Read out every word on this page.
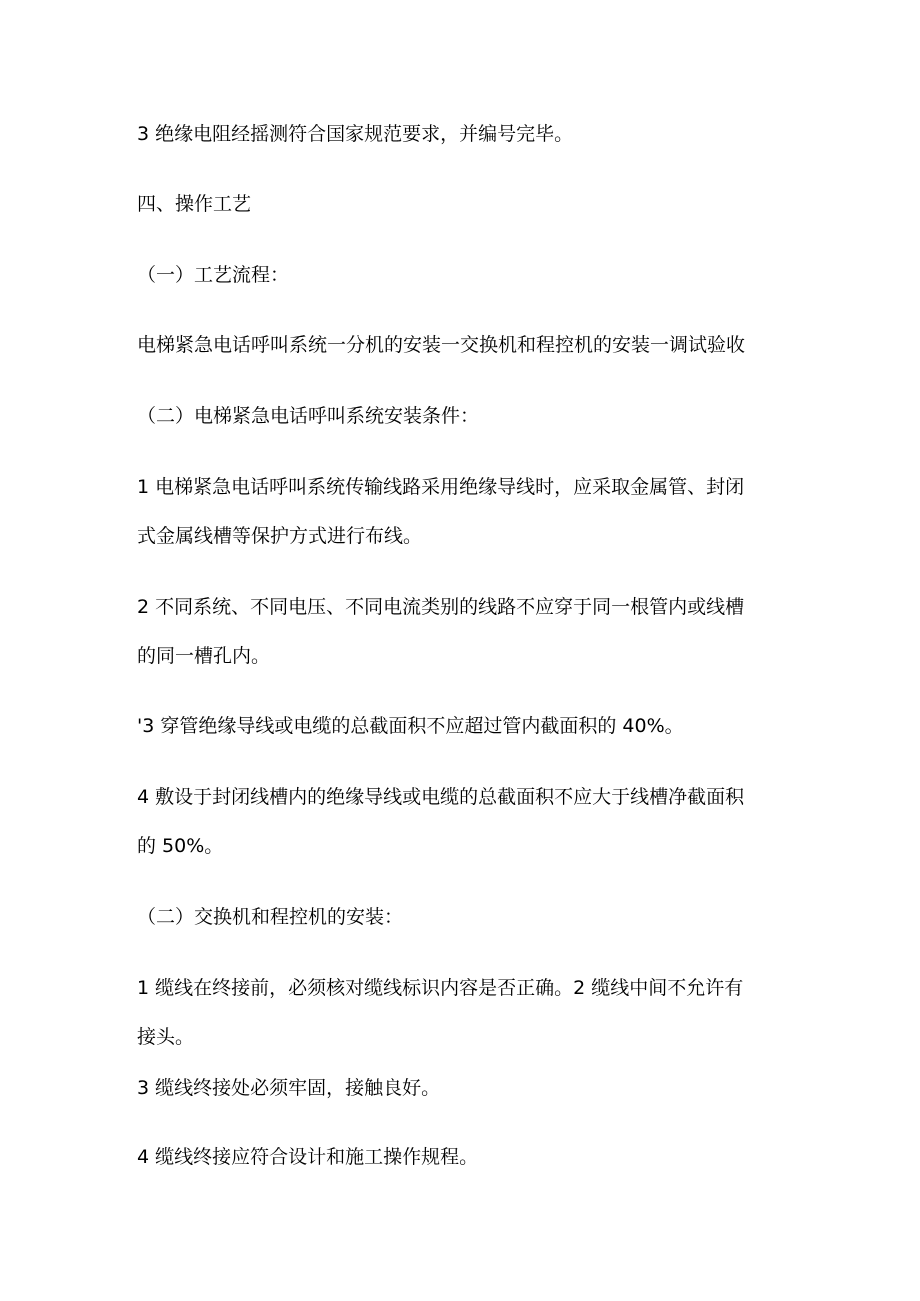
3 绝缘电阻经摇测符合国家规范要求，并编号完毕。
四、操作工艺
（一）工艺流程：
电梯紧急电话呼叫系统一分机的安装一交换机和程控机的安装一调试验收
（二）电梯紧急电话呼叫系统安装条件：
1 电梯紧急电话呼叫系统传输线路采用绝缘导线时，应采取金属管、封闭
式金属线槽等保护方式进行布线。
2 不同系统、不同电压、不同电流类别的线路不应穿于同一根管内或线槽
的同一槽孔内。
'3 穿管绝缘导线或电缆的总截面积不应超过管内截面积的 40%。
4 敷设于封闭线槽内的绝缘导线或电缆的总截面积不应大于线槽净截面积
的 50%。
（二）交换机和程控机的安装：
1 缆线在终接前，必须核对缆线标识内容是否正确。2 缆线中间不允许有
接头。
3 缆线终接处必须牢固，接触良好。
4 缆线终接应符合设计和施工操作规程。
